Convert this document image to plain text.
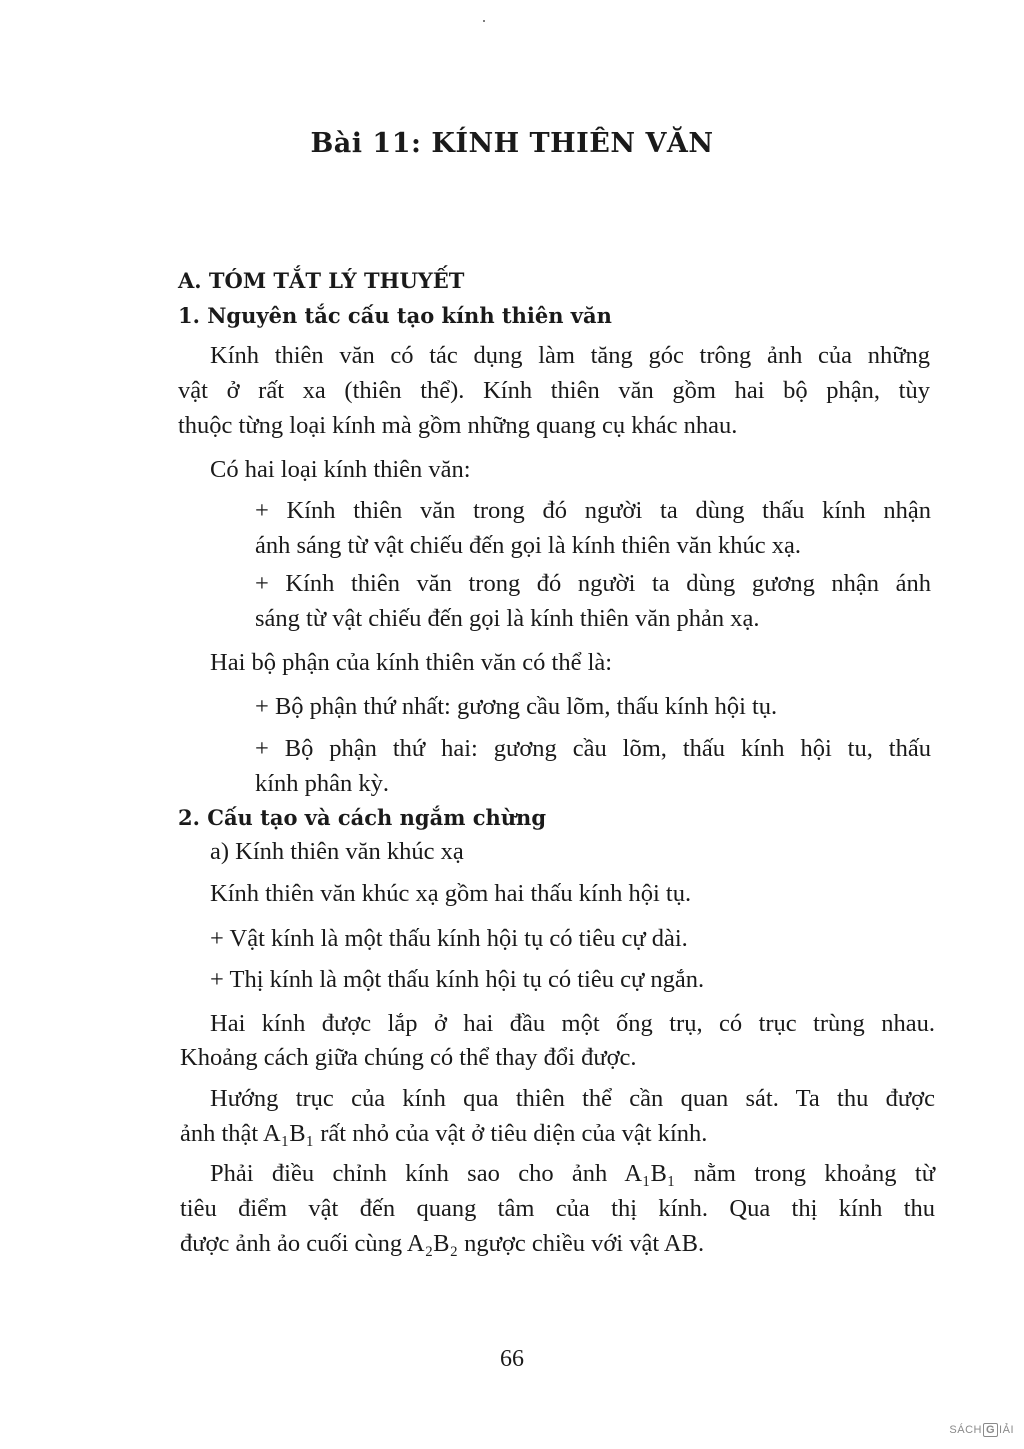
Bài 11: KÍNH THIÊN VĂN
A. TÓM TẮT LÝ THUYẾT
1. Nguyên tắc cấu tạo kính thiên văn
Kính thiên văn có tác dụng làm tăng góc trông ảnh của những
vật ở rất xa (thiên thể). Kính thiên văn gồm hai bộ phận, tùy
thuộc từng loại kính mà gồm những quang cụ khác nhau.
Có hai loại kính thiên văn:
+ Kính thiên văn trong đó người ta dùng thấu kính nhận
ánh sáng từ vật chiếu đến gọi là kính thiên văn khúc xạ.
+ Kính thiên văn trong đó người ta dùng gương nhận ánh
sáng từ vật chiếu đến gọi là kính thiên văn phản xạ.
Hai bộ phận của kính thiên văn có thể là:
+ Bộ phận thứ nhất: gương cầu lõm, thấu kính hội tụ.
+ Bộ phận thứ hai: gương cầu lõm, thấu kính hội tu, thấu
kính phân kỳ.
2. Cấu tạo và cách ngắm chừng
a) Kính thiên văn khúc xạ
Kính thiên văn khúc xạ gồm hai thấu kính hội tụ.
+ Vật kính là một thấu kính hội tụ có tiêu cự dài.
+ Thị kính là một thấu kính hội tụ có tiêu cự ngắn.
Hai kính được lắp ở hai đầu một ống trụ, có trục trùng nhau.
Khoảng cách giữa chúng có thể thay đổi được.
Hướng trục của kính qua thiên thể cần quan sát. Ta thu được
ảnh thật A₁B₁ rất nhỏ của vật ở tiêu diện của vật kính.
Phải điều chỉnh kính sao cho ảnh A₁B₁ nằm trong khoảng từ
tiêu điểm vật đến quang tâm của thị kính. Qua thị kính thu
được ảnh ảo cuối cùng A₂B₂ ngược chiều với vật AB.
66
SÁCH G IẢI
